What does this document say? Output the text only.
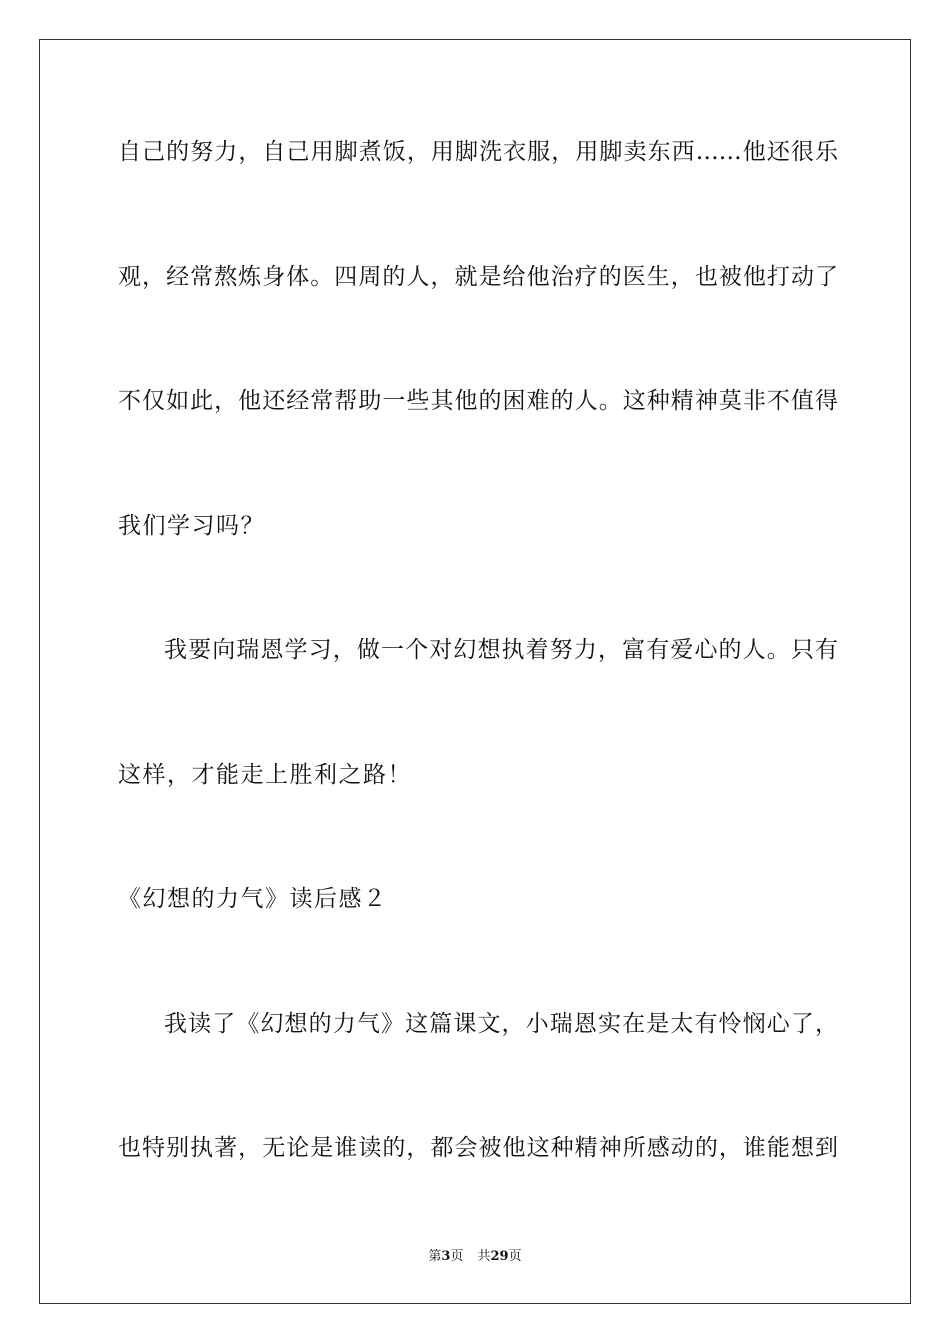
自己的努力，自己用脚煮饭，用脚洗衣服，用脚卖东西……他还很乐
观，经常熬炼身体。四周的人，就是给他治疗的医生，也被他打动了
不仅如此，他还经常帮助一些其他的困难的人。这种精神莫非不值得
我们学习吗？
我要向瑞恩学习，做一个对幻想执着努力，富有爱心的人。只有
这样，才能走上胜利之路！
《幻想的力气》读后感２
我读了《幻想的力气》这篇课文，小瑞恩实在是太有怜悯心了，
也特别执著，无论是谁读的，都会被他这种精神所感动的，谁能想到
第3页 共29页
